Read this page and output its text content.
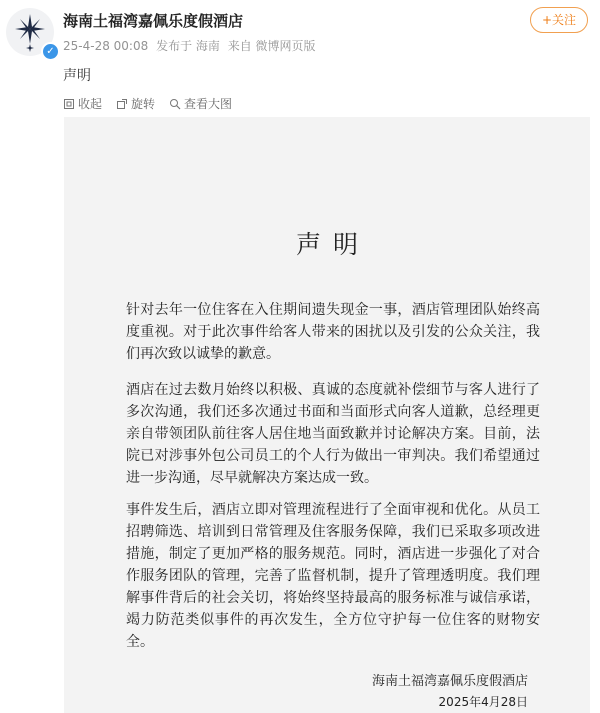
✓
海南土福湾嘉佩乐度假酒店
25-4-28 00:08 发布于 海南 来自 微博网页版
+关注
声明
收起 旋转 查看大图
声明

针对去年一位住客在入住期间遗失现金一事，酒店管理团队始终高度重视。对于此次事件给客人带来的困扰以及引发的公众关注，我们再次致以诚挚的歉意。

酒店在过去数月始终以积极、真诚的态度就补偿细节与客人进行了多次沟通，我们还多次通过书面和当面形式向客人道歉，总经理更亲自带领团队前往客人居住地当面致歉并讨论解决方案。目前，法院已对涉事外包公司员工的个人行为做出一审判决。我们希望通过进一步沟通，尽早就解决方案达成一致。

事件发生后，酒店立即对管理流程进行了全面审视和优化。从员工招聘筛选、培训到日常管理及住客服务保障，我们已采取多项改进措施，制定了更加严格的服务规范。同时，酒店进一步强化了对合作服务团队的管理，完善了监督机制，提升了管理透明度。我们理解事件背后的社会关切，将始终坚持最高的服务标准与诚信承诺，竭力防范类似事件的再次发生，全方位守护每一位住客的财物安全。

海南土福湾嘉佩乐度假酒店
2025年4月28日
